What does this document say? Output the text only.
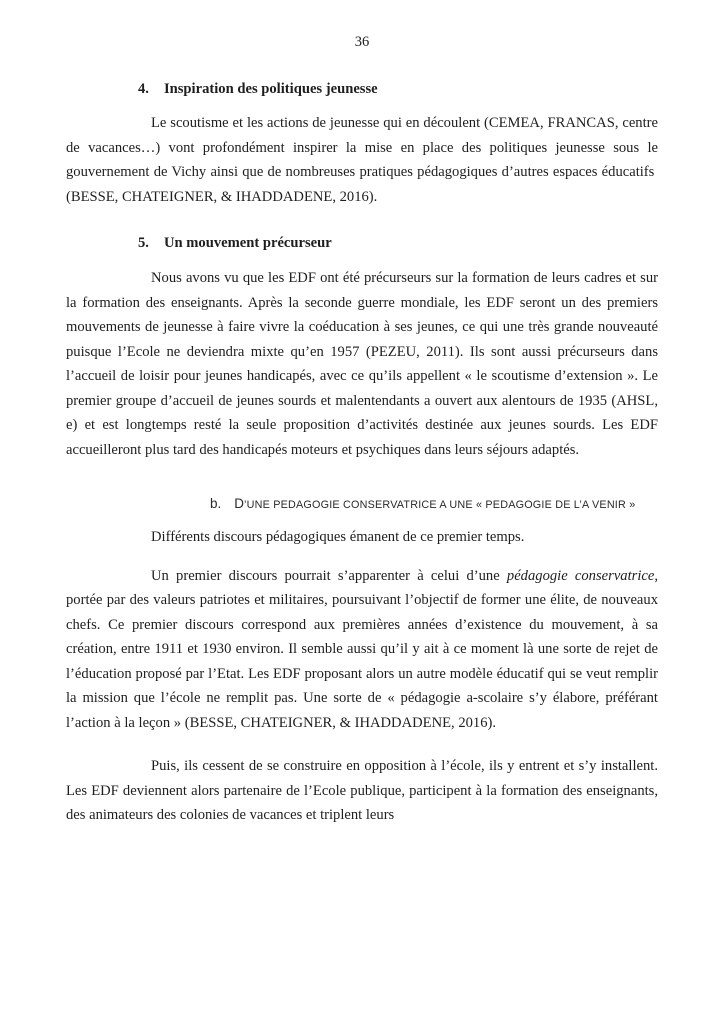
36
4. Inspiration des politiques jeunesse

Le scoutisme et les actions de jeunesse qui en découlent (CEMEA, FRANCAS, centre de vacances…) vont profondément inspirer la mise en place des politiques jeunesse sous le gouvernement de Vichy ainsi que de nombreuses pratiques pédagogiques d’autres espaces éducatifs  (BESSE, CHATEIGNER, & IHADDADENE, 2016).

5. Un mouvement précurseur

Nous avons vu que les EDF ont été précurseurs sur la formation de leurs cadres et sur la formation des enseignants. Après la seconde guerre mondiale, les EDF seront un des premiers mouvements de jeunesse à faire vivre la coéducation à ses jeunes, ce qui une très grande nouveauté puisque l’Ecole ne deviendra mixte qu’en 1957 (PEZEU, 2011). Ils sont aussi précurseurs dans l’accueil de loisir pour jeunes handicapés, avec ce qu’ils appellent « le scoutisme d’extension ». Le premier groupe d’accueil de jeunes sourds et malentendants a ouvert aux alentours de 1935 (AHSL, e) et est longtemps resté la seule proposition d’activités destinée aux jeunes sourds. Les EDF accueilleront plus tard des handicapés moteurs et psychiques dans leurs séjours adaptés.

b. D’UNE PEDAGOGIE CONSERVATRICE A UNE « PEDAGOGIE DE L’A VENIR »

Différents discours pédagogiques émanent de ce premier temps.

Un premier discours pourrait s’apparenter à celui d’une pédagogie conservatrice, portée par des valeurs patriotes et militaires, poursuivant l’objectif de former une élite, de nouveaux chefs. Ce premier discours correspond aux premières années d’existence du mouvement, à sa création, entre 1911 et 1930 environ. Il semble aussi qu’il y ait à ce moment là une sorte de rejet de l’éducation proposé par l’Etat. Les EDF proposant alors un autre modèle éducatif qui se veut remplir la mission que l’école ne remplit pas. Une sorte de « pédagogie a-scolaire s’y élabore, préférant l’action à la leçon » (BESSE, CHATEIGNER, & IHADDADENE, 2016).

Puis, ils cessent de se construire en opposition à l’école, ils y entrent et s’y installent. Les EDF deviennent alors partenaire de l’Ecole publique, participent à la formation des enseignants, des animateurs des colonies de vacances et triplent leurs
